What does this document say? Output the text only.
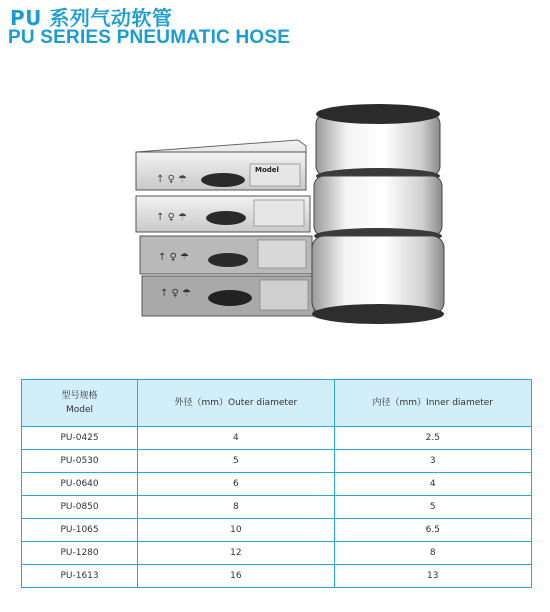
PU 系列气动软管
PU SERIES PNEUMATIC HOSE
↑ ♀ ☂
Model
↑ ♀ ☂
↑ ♀ ☂
↑ ♀ ☂
型号规格
Model	外径（mm）Outer diameter	内径（mm）Inner diameter
PU-0425	4	2.5
PU-0530	5	3
PU-0640	6	4
PU-0850	8	5
PU-1065	10	6.5
PU-1280	12	8
PU-1613	16	13
